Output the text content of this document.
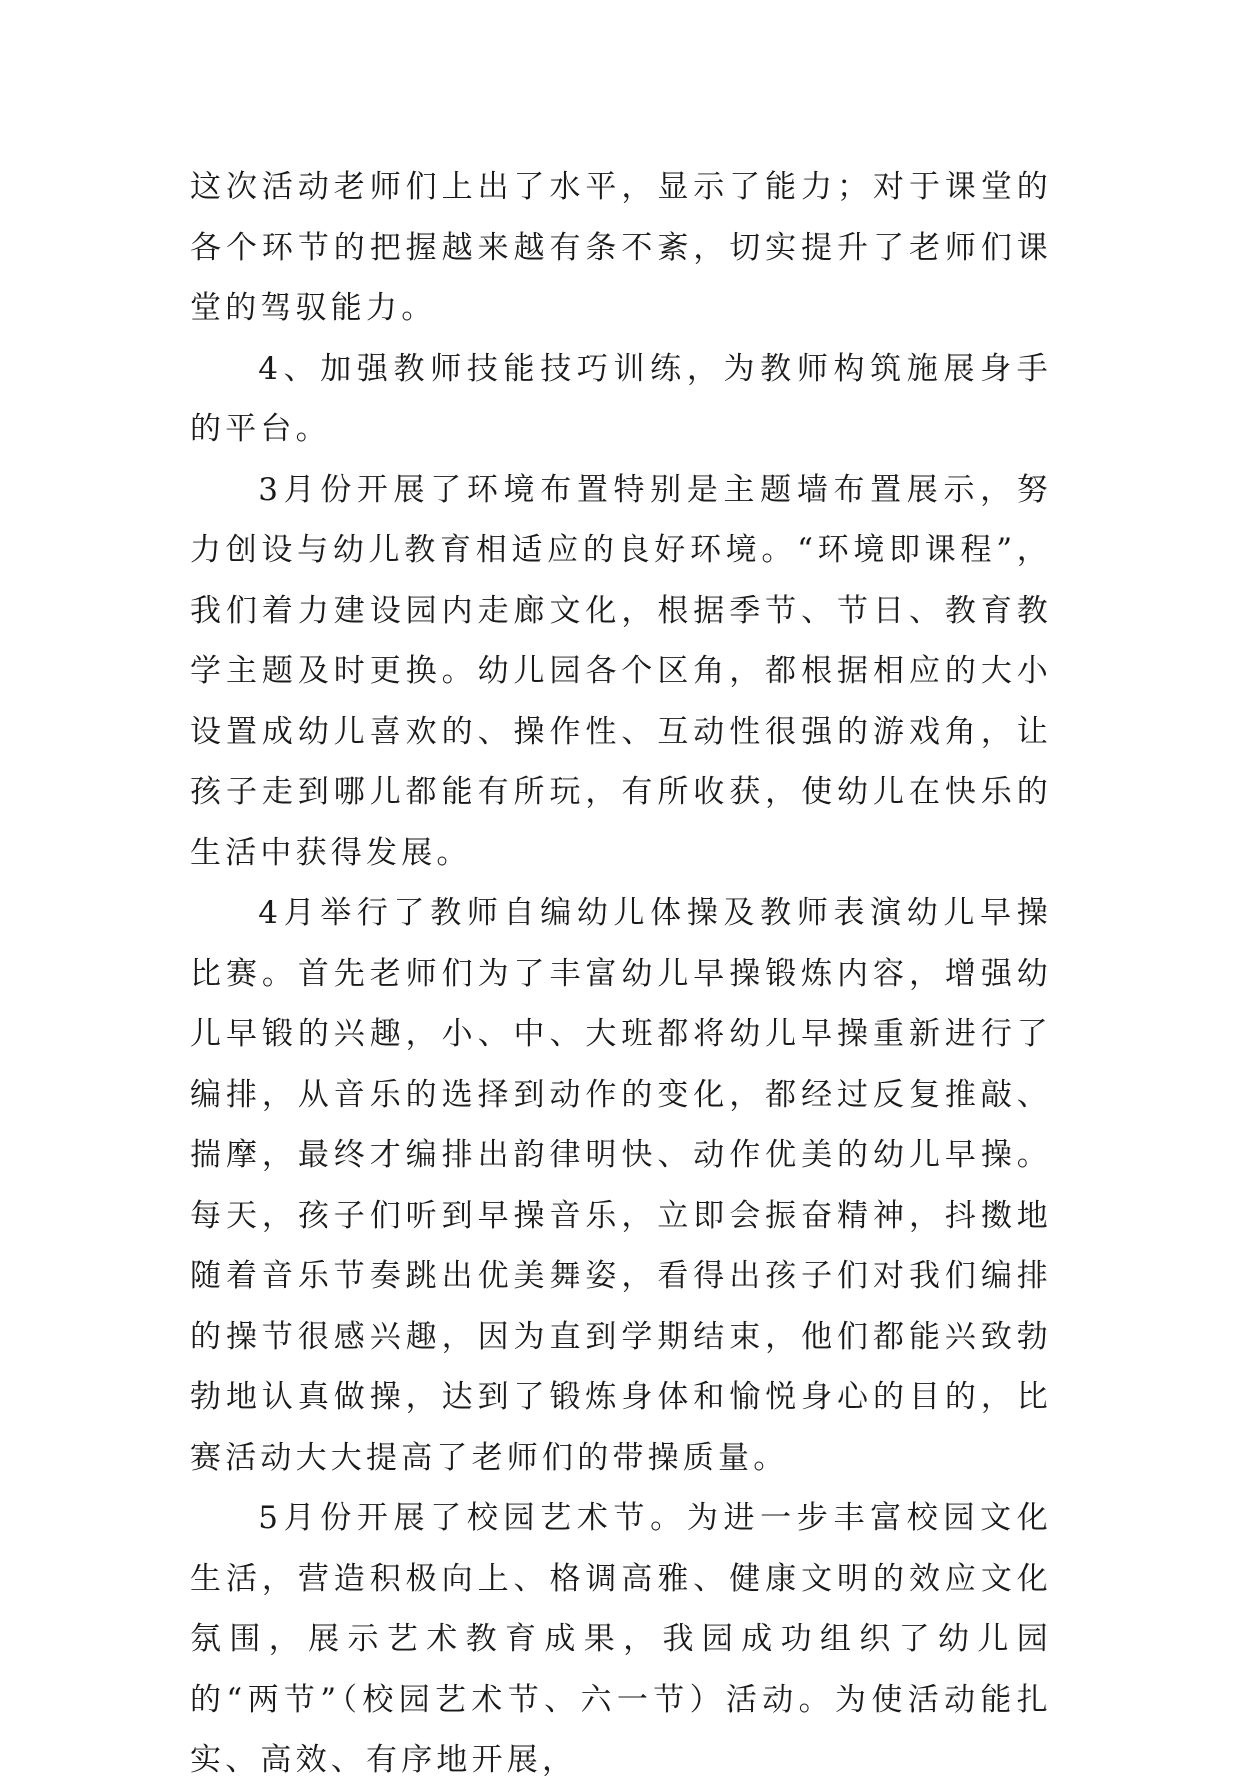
这次活动老师们上出了水平，显示了能力；对于课堂的各个环节的把握越来越有条不紊，切实提升了老师们课堂的驾驭能力。

4、加强教师技能技巧训练，为教师构筑施展身手的平台。

3月份开展了环境布置特别是主题墙布置展示，努力创设与幼儿教育相适应的良好环境。“环境即课程”，我们着力建设园内走廊文化，根据季节、节日、教育教学主题及时更换。幼儿园各个区角，都根据相应的大小设置成幼儿喜欢的、操作性、互动性很强的游戏角，让孩子走到哪儿都能有所玩，有所收获，使幼儿在快乐的生活中获得发展。

4月举行了教师自编幼儿体操及教师表演幼儿早操比赛。首先老师们为了丰富幼儿早操锻炼内容，增强幼儿早锻的兴趣，小、中、大班都将幼儿早操重新进行了编排，从音乐的选择到动作的变化，都经过反复推敲、揣摩，最终才编排出韵律明快、动作优美的幼儿早操。每天，孩子们听到早操音乐，立即会振奋精神，抖擞地随着音乐节奏跳出优美舞姿，看得出孩子们对我们编排的操节很感兴趣，因为直到学期结束，他们都能兴致勃勃地认真做操，达到了锻炼身体和愉悦身心的目的，比赛活动大大提高了老师们的带操质量。

5月份开展了校园艺术节。为进一步丰富校园文化生活，营造积极向上、格调高雅、健康文明的效应文化氛围，展示艺术教育成果，我园成功组织了幼儿园的“两节”（校园艺术节、六一节）活动。为使活动能扎实、高效、有序地开展，
